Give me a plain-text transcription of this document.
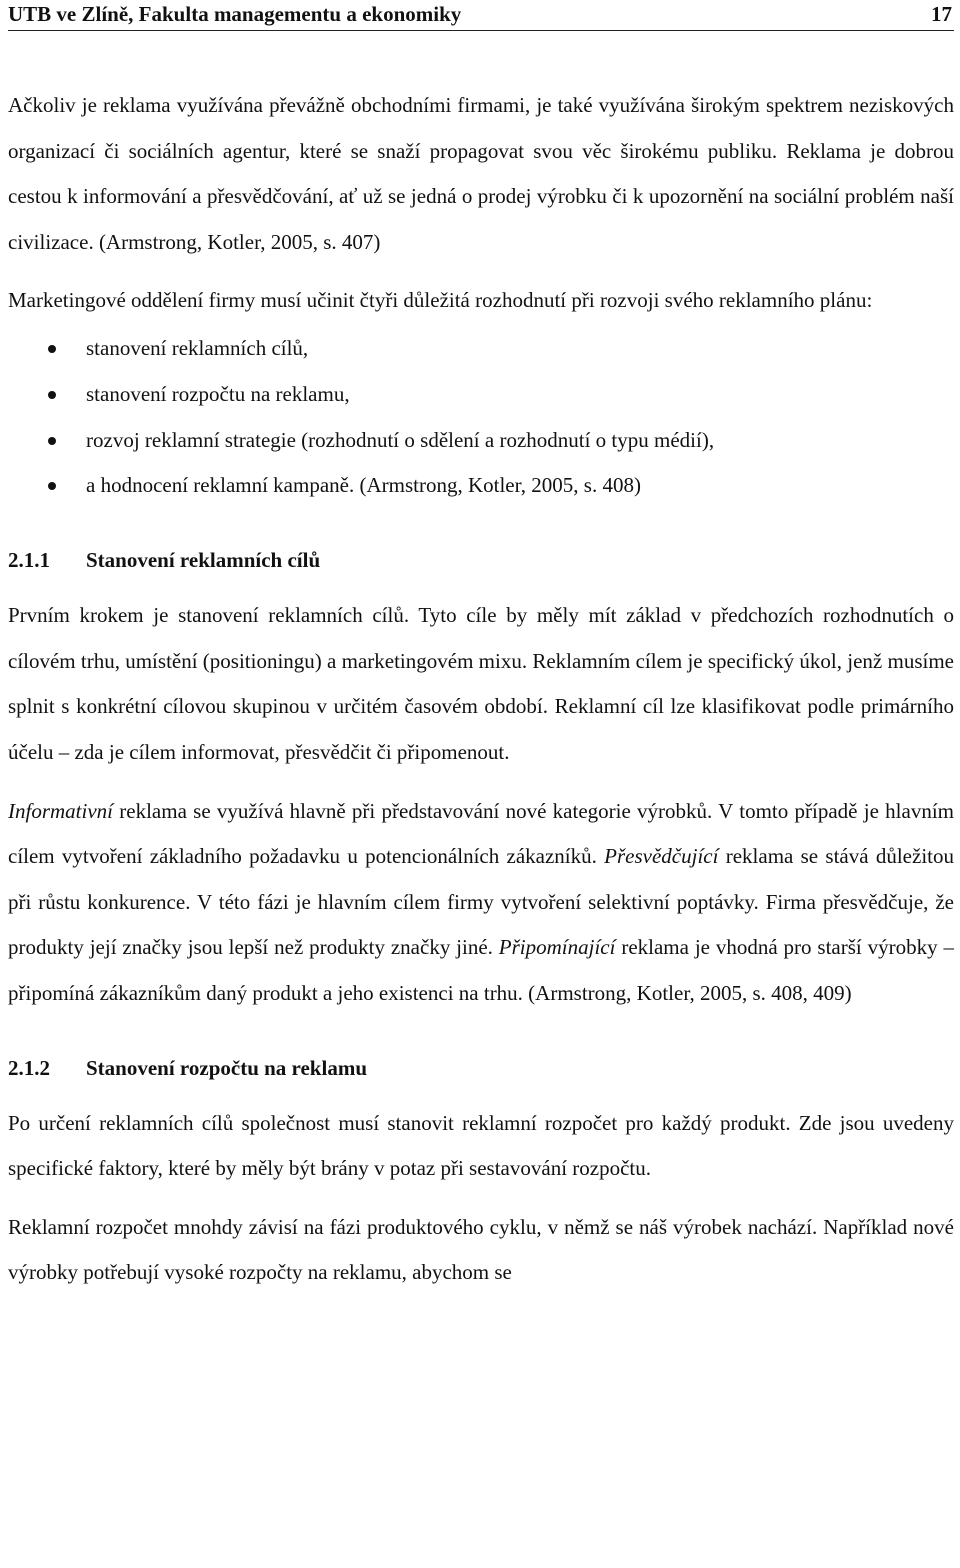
UTB ve Zlíně, Fakulta managementu a ekonomiky	17

Ačkoliv je reklama využívána převážně obchodními firmami, je také využívána širokým spektrem neziskových organizací či sociálních agentur, které se snaží propagovat svou věc širokému publiku. Reklama je dobrou cestou k informování a přesvědčování, ať už se jedná o prodej výrobku či k upozornění na sociální problém naší civilizace. (Armstrong, Kotler, 2005, s. 407)

Marketingové oddělení firmy musí učinit čtyři důležitá rozhodnutí při rozvoji svého reklamního plánu:

stanovení reklamních cílů,
stanovení rozpočtu na reklamu,
rozvoj reklamní strategie (rozhodnutí o sdělení a rozhodnutí o typu médií),
a hodnocení reklamní kampaně. (Armstrong, Kotler, 2005, s. 408)
2.1.1 Stanovení reklamních cílů

Prvním krokem je stanovení reklamních cílů. Tyto cíle by měly mít základ v předchozích rozhodnutích o cílovém trhu, umístění (positioningu) a marketingovém mixu. Reklamním cílem je specifický úkol, jenž musíme splnit s konkrétní cílovou skupinou v určitém časovém období. Reklamní cíl lze klasifikovat podle primárního účelu – zda je cílem informovat, přesvědčit či připomenout.

Informativní reklama se využívá hlavně při představování nové kategorie výrobků. V tomto případě je hlavním cílem vytvoření základního požadavku u potencionálních zákazníků. Přesvědčující reklama se stává důležitou při růstu konkurence. V této fázi je hlavním cílem firmy vytvoření selektivní poptávky. Firma přesvědčuje, že produkty její značky jsou lepší než produkty značky jiné. Připomínající reklama je vhodná pro starší výrobky – připomíná zákazníkům daný produkt a jeho existenci na trhu. (Armstrong, Kotler, 2005, s. 408, 409)

2.1.2 Stanovení rozpočtu na reklamu

Po určení reklamních cílů společnost musí stanovit reklamní rozpočet pro každý produkt. Zde jsou uvedeny specifické faktory, které by měly být brány v potaz při sestavování rozpočtu.

Reklamní rozpočet mnohdy závisí na fázi produktového cyklu, v němž se náš výrobek nachází. Například nové výrobky potřebují vysoké rozpočty na reklamu, abychom se
